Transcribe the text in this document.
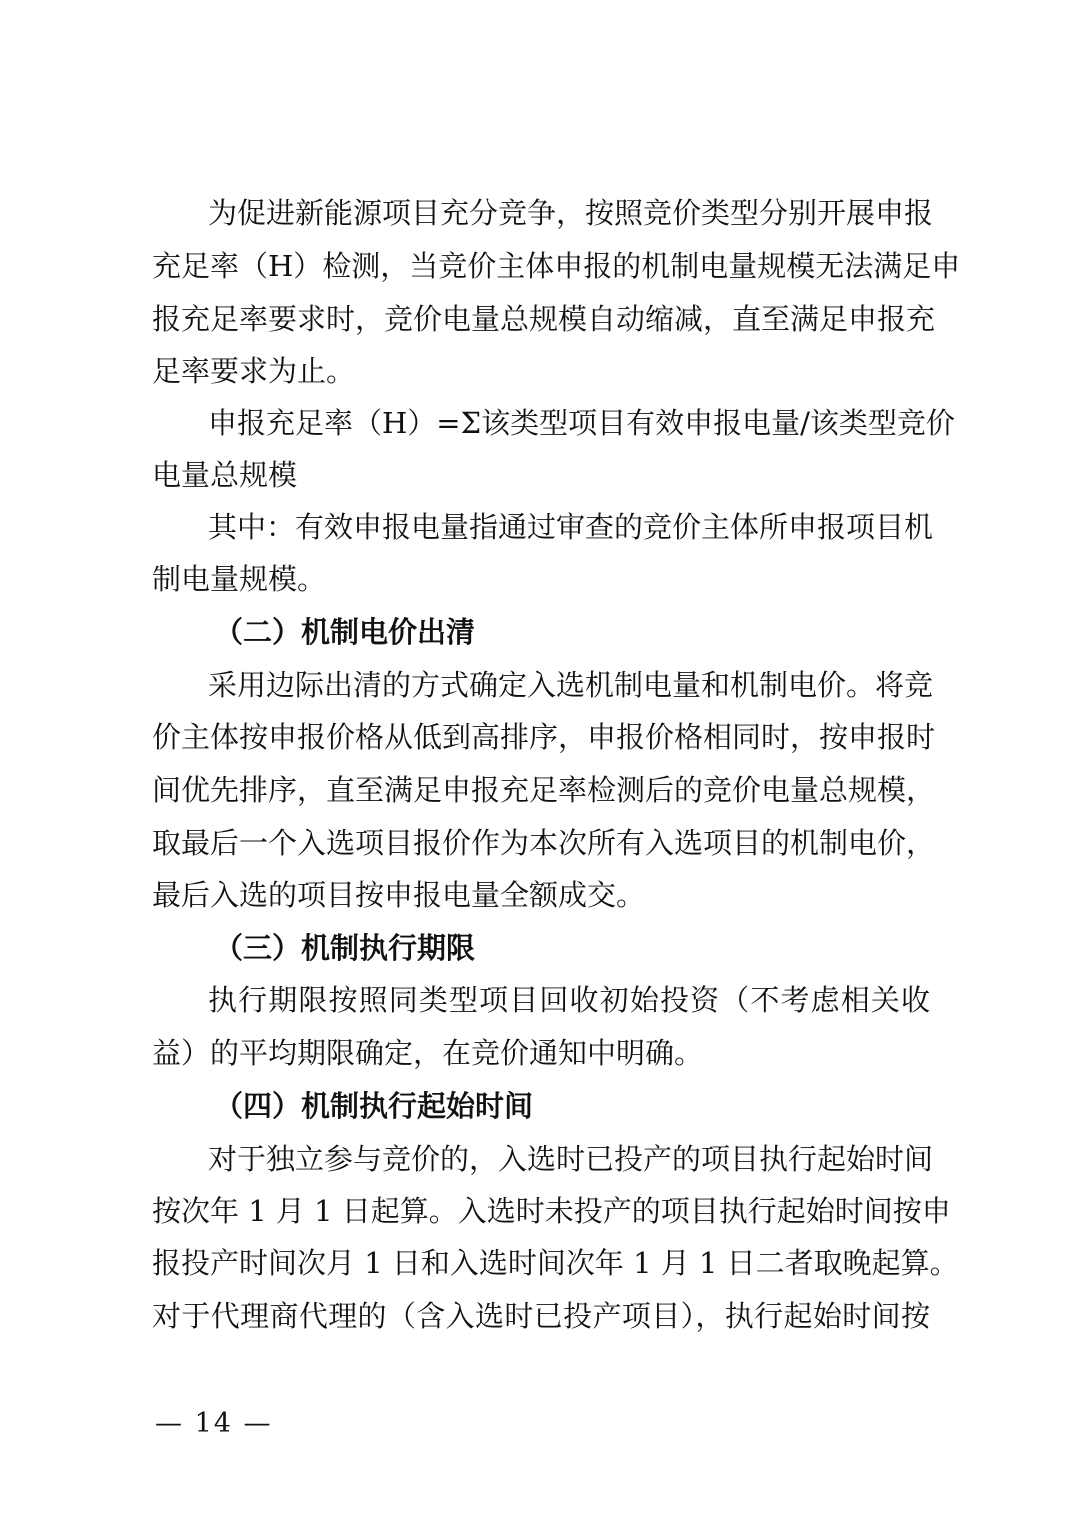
为促进新能源项目充分竞争，按照竞价类型分别开展申报
充足率（H）检测，当竞价主体申报的机制电量规模无法满足申
报充足率要求时，竞价电量总规模自动缩减，直至满足申报充
足率要求为止。
申报充足率（H）=Σ该类型项目有效申报电量/该类型竞价
电量总规模
其中：有效申报电量指通过审查的竞价主体所申报项目机
制电量规模。
（二）机制电价出清
采用边际出清的方式确定入选机制电量和机制电价。将竞
价主体按申报价格从低到高排序，申报价格相同时，按申报时
间优先排序，直至满足申报充足率检测后的竞价电量总规模，
取最后一个入选项目报价作为本次所有入选项目的机制电价，
最后入选的项目按申报电量全额成交。
（三）机制执行期限
执行期限按照同类型项目回收初始投资（不考虑相关收
益）的平均期限确定，在竞价通知中明确。
（四）机制执行起始时间
对于独立参与竞价的，入选时已投产的项目执行起始时间
按次年 1 月 1 日起算。入选时未投产的项目执行起始时间按申
报投产时间次月 1 日和入选时间次年 1 月 1 日二者取晚起算。
对于代理商代理的（含入选时已投产项目），执行起始时间按
— 14 —
